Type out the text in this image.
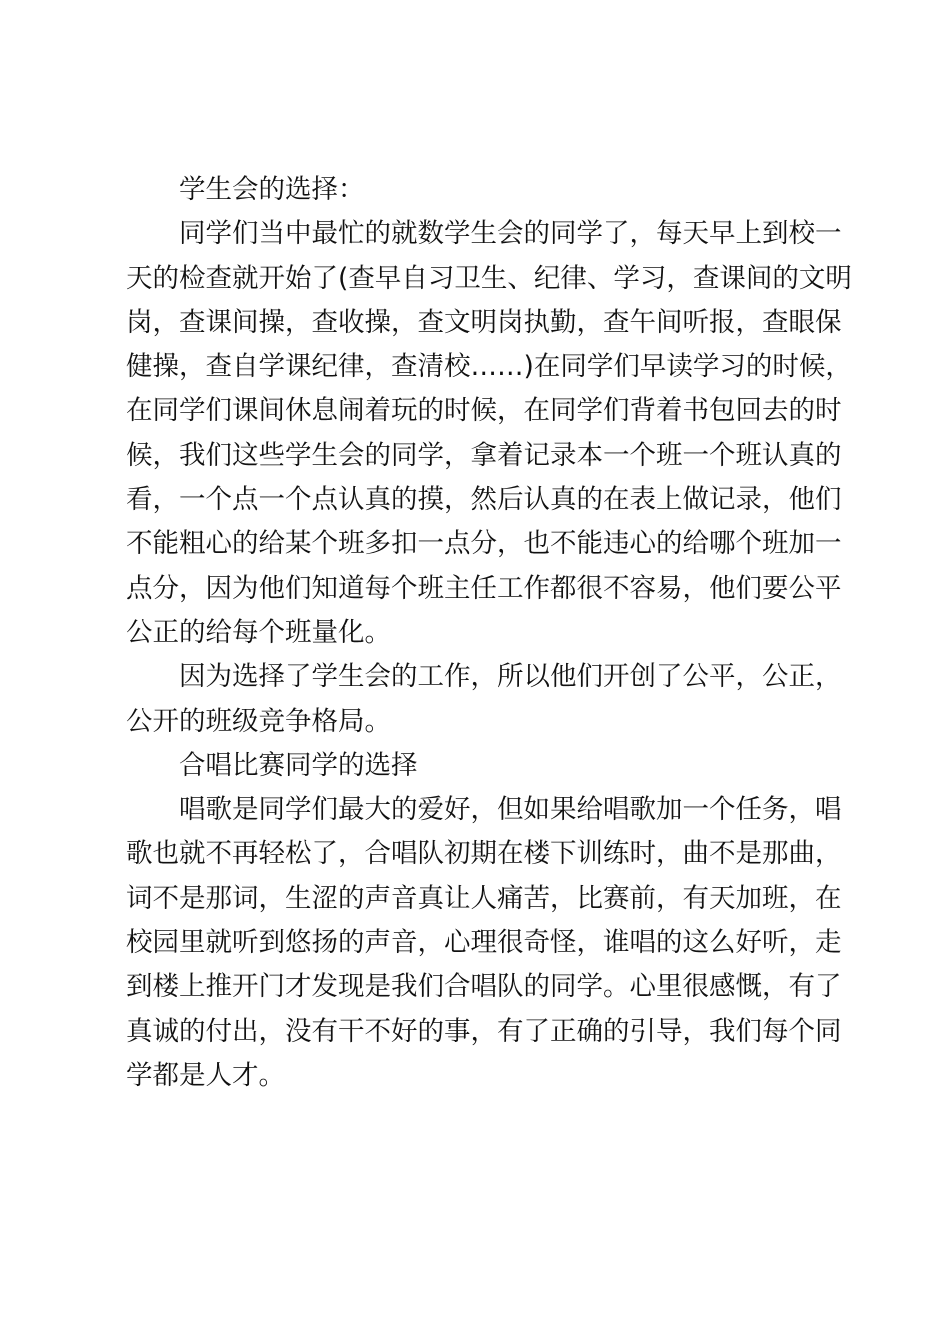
学生会的选择：
同学们当中最忙的就数学生会的同学了，每天早上到校一
天的检查就开始了(查早自习卫生、纪律、学习，查课间的文明
岗，查课间操，查收操，查文明岗执勤，查午间听报，查眼保
健操，查自学课纪律，查清校……)在同学们早读学习的时候，
在同学们课间休息闹着玩的时候，在同学们背着书包回去的时
候，我们这些学生会的同学，拿着记录本一个班一个班认真的
看，一个点一个点认真的摸，然后认真的在表上做记录，他们
不能粗心的给某个班多扣一点分，也不能违心的给哪个班加一
点分，因为他们知道每个班主任工作都很不容易，他们要公平
公正的给每个班量化。
因为选择了学生会的工作，所以他们开创了公平，公正，
公开的班级竞争格局。
合唱比赛同学的选择
唱歌是同学们最大的爱好，但如果给唱歌加一个任务，唱
歌也就不再轻松了，合唱队初期在楼下训练时，曲不是那曲，
词不是那词，生涩的声音真让人痛苦，比赛前，有天加班，在
校园里就听到悠扬的声音，心理很奇怪，谁唱的这么好听，走
到楼上推开门才发现是我们合唱队的同学。心里很感慨，有了
真诚的付出，没有干不好的事，有了正确的引导，我们每个同
学都是人才。
